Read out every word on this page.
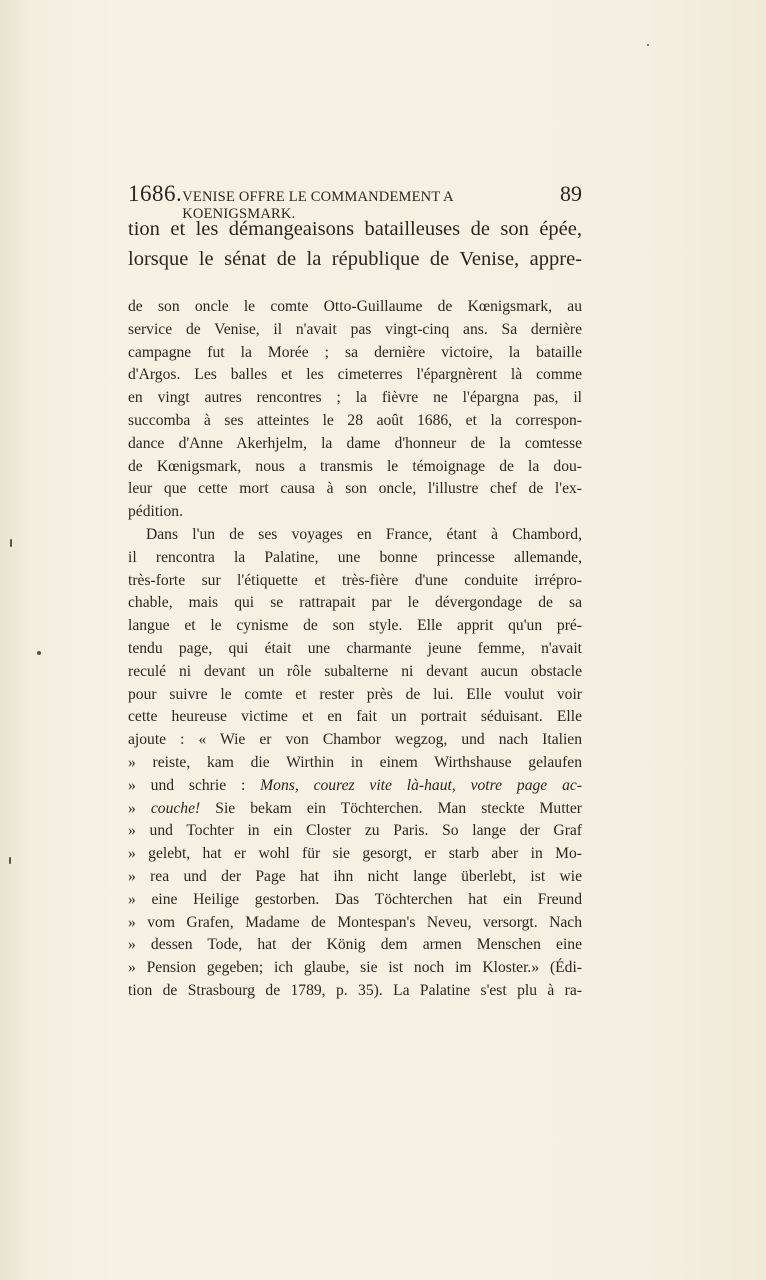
1686. VENISE OFFRE LE COMMANDEMENT A KOENIGSMARK.
89
tion et les démangeaisons batailleuses de son épée,
lorsque le sénat de la république de Venise, appre-
de son oncle le comte Otto-Guillaume de Kœnigsmark, au
service de Venise, il n'avait pas vingt-cinq ans. Sa dernière
campagne fut la Morée ; sa dernière victoire, la bataille
d'Argos. Les balles et les cimeterres l'épargnèrent là comme
en vingt autres rencontres ; la fièvre ne l'épargna pas, il
succomba à ses atteintes le 28 août 1686, et la correspon-
dance d'Anne Akerhjelm, la dame d'honneur de la comtesse
de Kœnigsmark, nous a transmis le témoignage de la dou-
leur que cette mort causa à son oncle, l'illustre chef de l'ex-
pédition.
Dans l'un de ses voyages en France, étant à Chambord,
il rencontra la Palatine, une bonne princesse allemande,
très-forte sur l'étiquette et très-fière d'une conduite irrépro-
chable, mais qui se rattrapait par le dévergondage de sa
langue et le cynisme de son style. Elle apprit qu'un pré-
tendu page, qui était une charmante jeune femme, n'avait
reculé ni devant un rôle subalterne ni devant aucun obstacle
pour suivre le comte et rester près de lui. Elle voulut voir
cette heureuse victime et en fait un portrait séduisant. Elle
ajoute : « Wie er von Chambor wegzog, und nach Italien
» reiste, kam die Wirthin in einem Wirthshause gelaufen
» und schrie : Mons, courez vite là-haut, votre page ac-
» couche! Sie bekam ein Töchterchen. Man steckte Mutter
» und Tochter in ein Closter zu Paris. So lange der Graf
» gelebt, hat er wohl für sie gesorgt, er starb aber in Mo-
» rea und der Page hat ihn nicht lange überlebt, ist wie
» eine Heilige gestorben. Das Töchterchen hat ein Freund
» vom Grafen, Madame de Montespan's Neveu, versorgt. Nach
» dessen Tode, hat der König dem armen Menschen eine
» Pension gegeben; ich glaube, sie ist noch im Kloster.» (Édi-
tion de Strasbourg de 1789, p. 35). La Palatine s'est plu à ra-
